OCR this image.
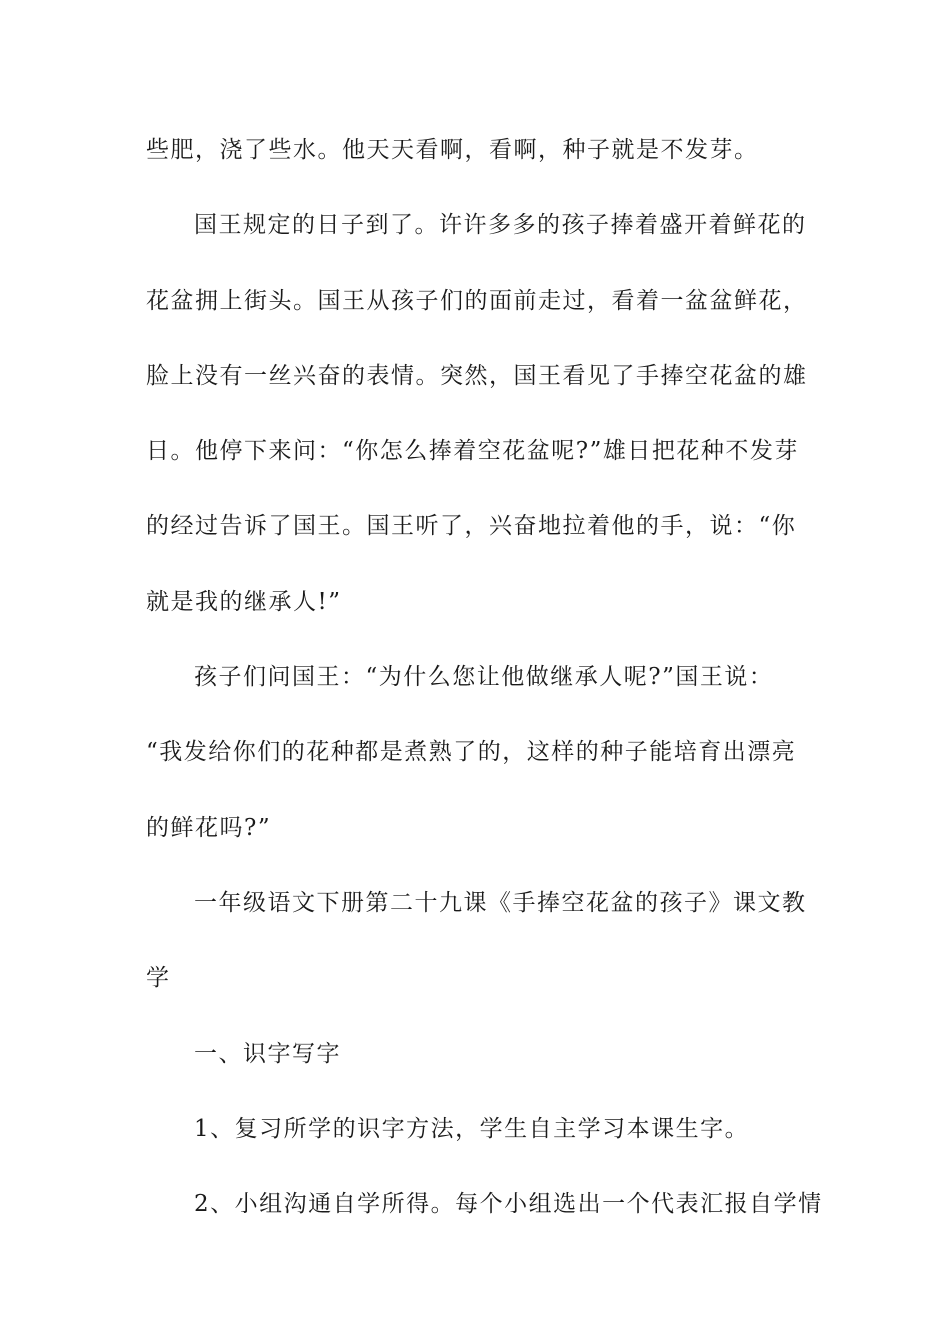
些肥，浇了些水。他天天看啊，看啊，种子就是不发芽。
国王规定的日子到了。许许多多的孩子捧着盛开着鲜花的
花盆拥上街头。国王从孩子们的面前走过，看着一盆盆鲜花，
脸上没有一丝兴奋的表情。突然，国王看见了手捧空花盆的雄
日。他停下来问：“你怎么捧着空花盆呢?”雄日把花种不发芽
的经过告诉了国王。国王听了，兴奋地拉着他的手，说：“你
就是我的继承人!”
孩子们问国王：“为什么您让他做继承人呢?”国王说：
“我发给你们的花种都是煮熟了的，这样的种子能培育出漂亮
的鲜花吗?”
一年级语文下册第二十九课《手捧空花盆的孩子》课文教
学
一、识字写字
1、复习所学的识字方法，学生自主学习本课生字。
2、小组沟通自学所得。每个小组选出一个代表汇报自学情
